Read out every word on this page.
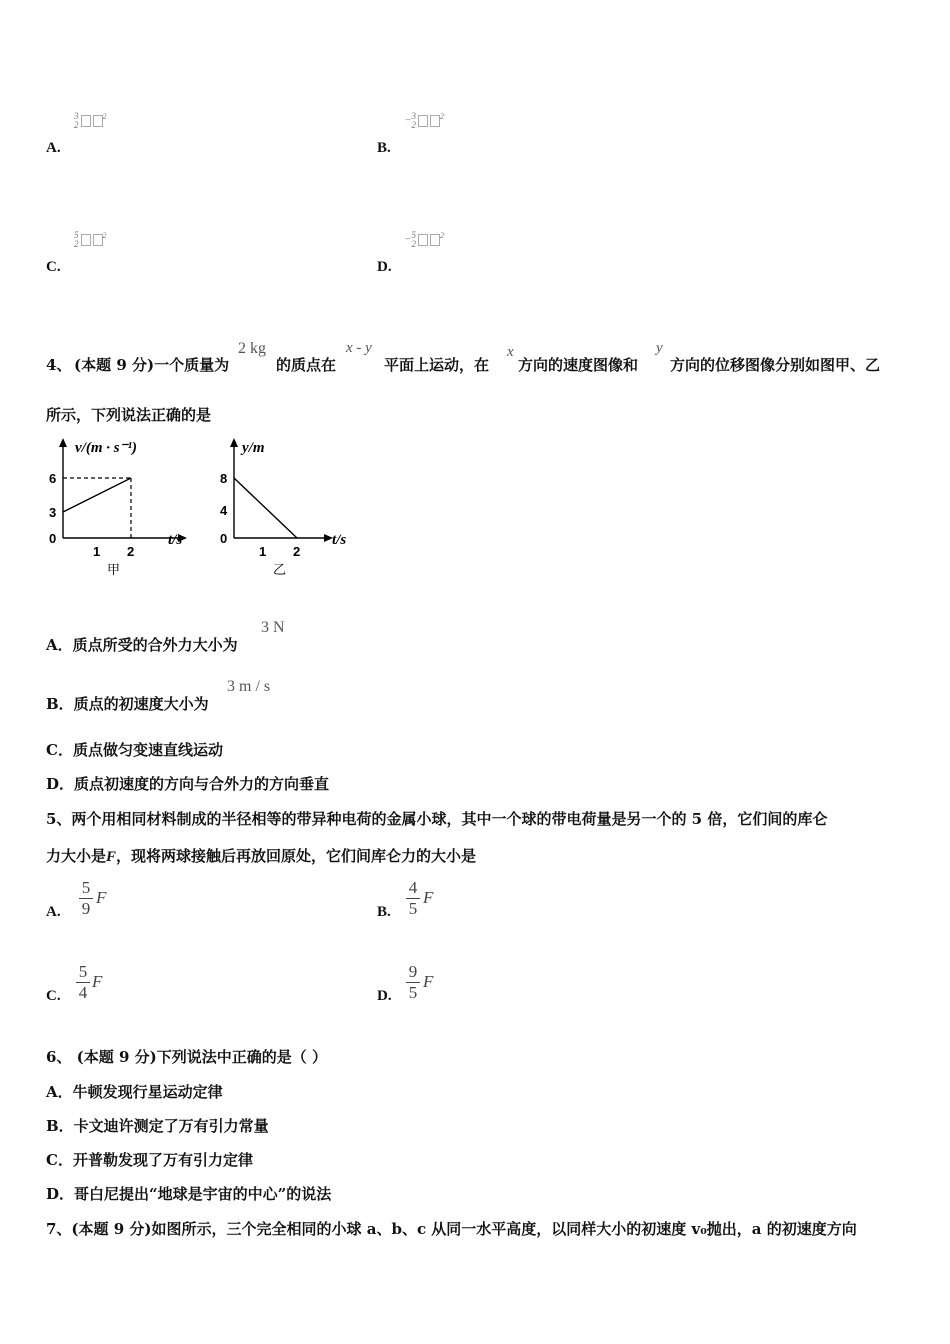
3
2
$^2$
A.
− 3
2
$^2$
B.
5
2
$^2$
C.
− 5
2
$^2$
D.
4、 (本题 9 分)一个质量为
2 kg
的质点在
x - y
平面上运动，在
x
方向的速度图像和
y
方向的位移图像分别如图甲、乙
所示，下列说法正确的是
v/(m · s⁻¹)
t/s
6
3
0
1 2
甲
y/m
t/s
8
4
0
1 2
乙
A．质点所受的合外力大小为
3 N
B．质点的初速度大小为
3 m / s
C．质点做匀变速直线运动
D．质点初速度的方向与合外力的方向垂直
5、两个用相同材料制成的半径相等的带异种电荷的金属小球，其中一个球的带电荷量是另一个的 5 倍，它们间的库仑
力大小是F，现将两球接触后再放回原处，它们间库仑力的大小是
A.
5
9
F
B.
4
5
F
C.
5
4
F
D.
9
5
F
6、 (本题 9 分)下列说法中正确的是（ ）
A．牛顿发现行星运动定律
B．卡文迪许测定了万有引力常量
C．开普勒发现了万有引力定律
D．哥白尼提出“地球是宇宙的中心”的说法
7、(本题 9 分)如图所示，三个完全相同的小球 a、b、c 从同一水平高度，以同样大小的初速度 v₀抛出，a 的初速度方向
